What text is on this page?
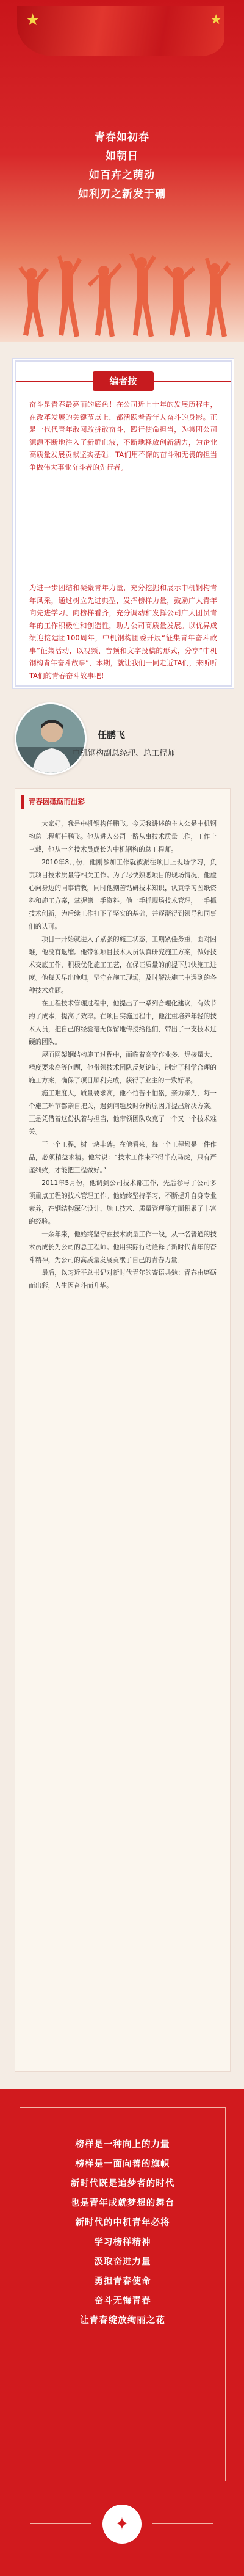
★	★
青春如初春
如朝日
如百卉之萌动
如利刃之新发于硎
编者按

奋斗是青春最亮丽的底色！在公司近七十年的发展历程中，在改革发展的关键节点上，都活跃着青年人奋斗的身影。正是一代代青年敢闯敢拼敢奋斗，践行使命担当，为集团公司源源不断地注入了新鲜血液，不断地释放创新活力，为企业高质量发展贡献坚实基础。TA们用不懈的奋斗和无畏的担当争做伟大事业奋斗者的先行者。

为进一步团结和凝聚青年力量，充分挖掘和展示中机钢构青年风采，通过树立先进典型，发挥榜样力量，鼓励广大青年向先进学习、向榜样看齐，充分调动和发挥公司广大团员青年的工作积极性和创造性，助力公司高质量发展。以优异成绩迎接建团100周年，中机钢构团委开展“征集青年奋斗故事”征集活动，以视频、音频和文字投稿的形式，分享“中机钢构青年奋斗故事”，本期，就让我们一同走近TA们，来听听TA们的青春奋斗故事吧！

任鹏飞
中机钢构副总经理、总工程师
青春因砥砺而出彩

大家好，我是中机钢构任鹏飞。今天我讲述的主人公是中机钢构总工程师任鹏飞。他从进入公司一路从事技术质量工作，工作十三载，他从一名技术员成长为中机钢构的总工程师。

2010年8月份，他刚参加工作就被派往项目上现场学习，负责项目技术质量等相关工作。为了尽快熟悉项目的现场情况，他虚心向身边的同事请教，同时他刻苦钻研技术知识，认真学习图纸资料和施工方案，掌握第一手资料。他一手抓现场技术管理，一手抓技术创新，为后续工作打下了坚实的基础，并逐渐得到领导和同事们的认可。

项目一开始就进入了紧张的施工状态，工期紧任务重，面对困难，他没有退缩。他带领项目技术人员认真研究施工方案，做好技术交底工作，积极优化施工工艺，在保证质量的前提下加快施工进度。他每天早出晚归，坚守在施工现场，及时解决施工中遇到的各种技术难题。

在工程技术管理过程中，他提出了一系列合理化建议，有效节约了成本，提高了效率。在项目实施过程中，他注重培养年轻的技术人员，把自己的经验毫无保留地传授给他们，带出了一支技术过硬的团队。

屋面网架钢结构施工过程中，面临着高空作业多、焊接量大、精度要求高等问题，他带领技术团队反复论证，制定了科学合理的施工方案，确保了项目顺利完成，获得了业主的一致好评。

施工难度大，质量要求高，他不怕苦不怕累，亲力亲为，每一个施工环节都亲自把关，遇到问题及时分析原因并提出解决方案。正是凭借着这份执着与担当，他带领团队攻克了一个又一个技术难关。

干一个工程，树一块丰碑。在他看来，每一个工程都是一件作品，必须精益求精。他常说：“技术工作来不得半点马虎，只有严谨细致，才能把工程做好。”

2011年5月份，他调到公司技术部工作，先后参与了公司多项重点工程的技术管理工作。他始终坚持学习，不断提升自身专业素养，在钢结构深化设计、施工技术、质量管理等方面积累了丰富的经验。

十余年来，他始终坚守在技术质量工作一线，从一名普通的技术员成长为公司的总工程师。他用实际行动诠释了新时代青年的奋斗精神，为公司的高质量发展贡献了自己的青春力量。

最后，以习近平总书记对新时代青年的寄语共勉：青春由磨砺而出彩，人生因奋斗而升华。

榜样是一种向上的力量
榜样是一面向善的旗帜
新时代既是追梦者的时代
也是青年成就梦想的舞台
新时代的中机青年必将
学习榜样精神
汲取奋进力量
勇担青春使命
奋斗无悔青春
让青春绽放绚丽之花
✦
